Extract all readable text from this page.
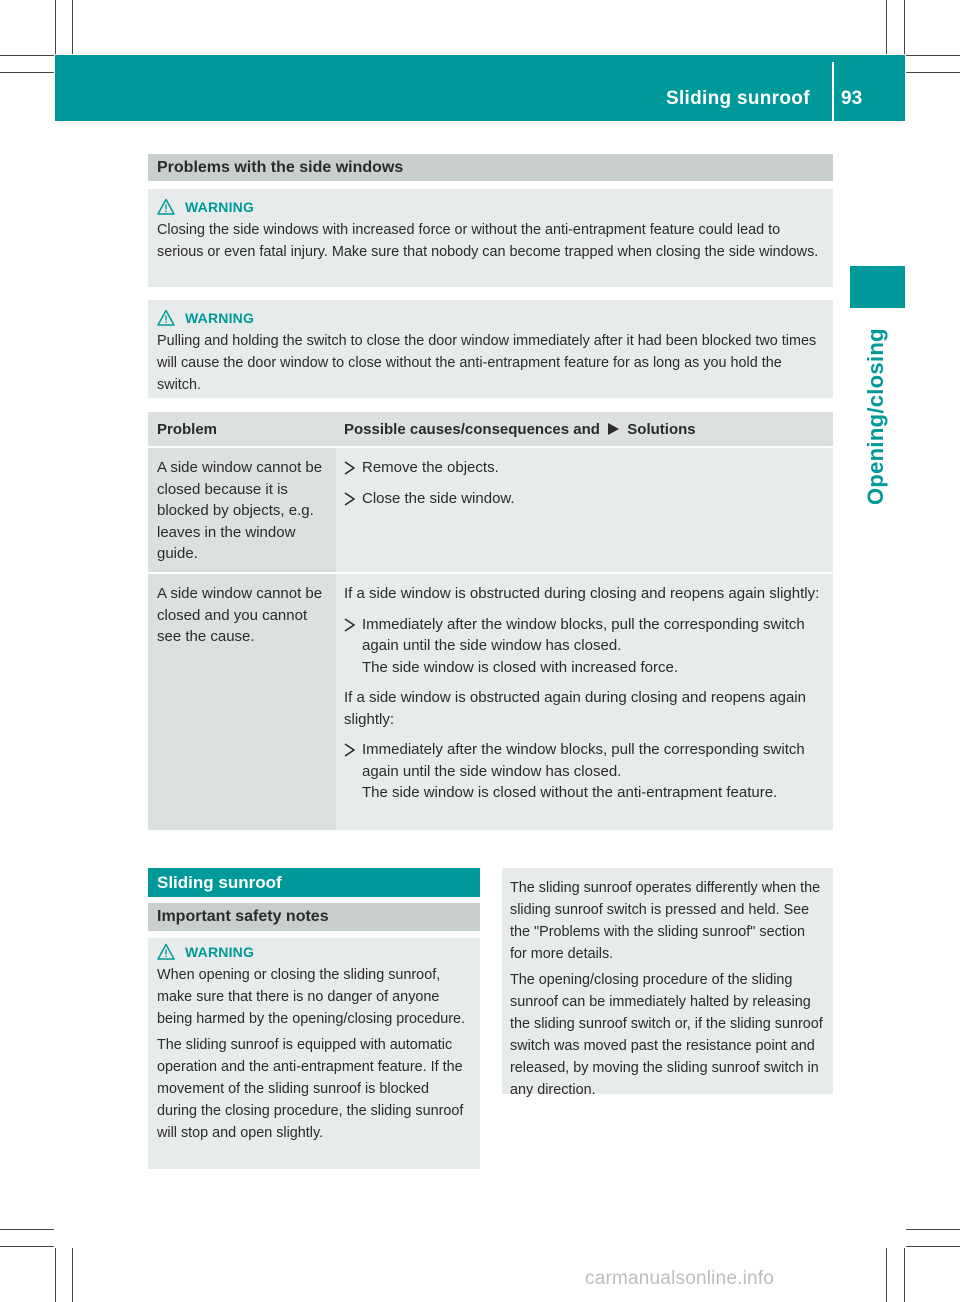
Sliding sunroof 93
Opening/closing
Problems with the side windows
WARNING

Closing the side windows with increased force or without the anti-entrapment feature could lead to serious or even fatal injury. Make sure that nobody can become trapped when closing the side windows.

WARNING

Pulling and holding the switch to close the door window immediately after it had been blocked two times will cause the door window to close without the anti-entrapment feature for as long as you hold the switch.

Problem	Possible causes/consequences and Solutions
A side window cannot be closed because it is blocked by objects, e.g. leaves in the window guide.
Remove the objects.
Close the side window.
A side window cannot be closed and you cannot see the cause.
If a side window is obstructed during closing and reopens again slightly:
Immediately after the window blocks, pull the corresponding switch again until the side window has closed.
The side window is closed with increased force.
If a side window is obstructed again during closing and reopens again slightly:
Immediately after the window blocks, pull the corresponding switch again until the side window has closed.
The side window is closed without the anti-entrapment feature.
Sliding sunroof
Important safety notes
WARNING

When opening or closing the sliding sunroof, make sure that there is no danger of anyone being harmed by the opening/closing procedure.

The sliding sunroof is equipped with automatic operation and the anti-entrapment feature. If the movement of the sliding sunroof is blocked during the closing procedure, the sliding sunroof will stop and open slightly.

The sliding sunroof operates differently when the sliding sunroof switch is pressed and held. See the "Problems with the sliding sunroof" section for more details.

The opening/closing procedure of the sliding sunroof can be immediately halted by releasing the sliding sunroof switch or, if the sliding sunroof switch was moved past the resistance point and released, by moving the sliding sunroof switch in any direction.

carmanualsonline.info
